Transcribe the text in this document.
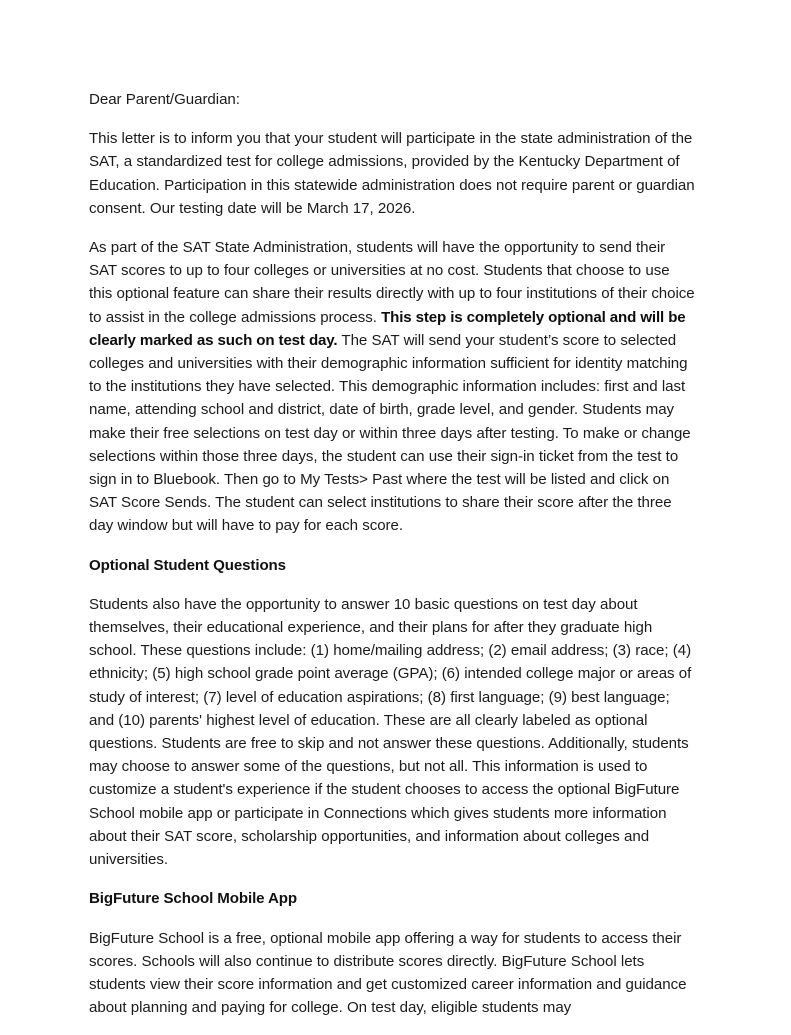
Dear Parent/Guardian:

This letter is to inform you that your student will participate in the state administration of the SAT, a standardized test for college admissions, provided by the Kentucky Department of Education. Participation in this statewide administration does not require parent or guardian consent. Our testing date will be March 17, 2026.

As part of the SAT State Administration, students will have the opportunity to send their SAT scores to up to four colleges or universities at no cost. Students that choose to use this optional feature can share their results directly with up to four institutions of their choice to assist in the college admissions process. This step is completely optional and will be clearly marked as such on test day. The SAT will send your student’s score to selected colleges and universities with their demographic information sufficient for identity matching to the institutions they have selected. This demographic information includes: first and last name, attending school and district, date of birth, grade level, and gender. Students may make their free selections on test day or within three days after testing. To make or change selections within those three days, the student can use their sign-in ticket from the test to sign in to Bluebook. Then go to My Tests> Past where the test will be listed and click on SAT Score Sends. The student can select institutions to share their score after the three day window but will have to pay for each score.

Optional Student Questions

Students also have the opportunity to answer 10 basic questions on test day about themselves, their educational experience, and their plans for after they graduate high school. These questions include: (1) home/mailing address; (2) email address; (3) race; (4) ethnicity; (5) high school grade point average (GPA); (6) intended college major or areas of study of interest; (7) level of education aspirations; (8) first language; (9) best language; and (10) parents' highest level of education. These are all clearly labeled as optional questions. Students are free to skip and not answer these questions. Additionally, students may choose to answer some of the questions, but not all. This information is used to customize a student's experience if the student chooses to access the optional BigFuture School mobile app or participate in Connections which gives students more information about their SAT score, scholarship opportunities, and information about colleges and universities.

BigFuture School Mobile App

BigFuture School is a free, optional mobile app offering a way for students to access their scores. Schools will also continue to distribute scores directly. BigFuture School lets students view their score information and get customized career information and guidance about planning and paying for college. On test day, eligible students may
